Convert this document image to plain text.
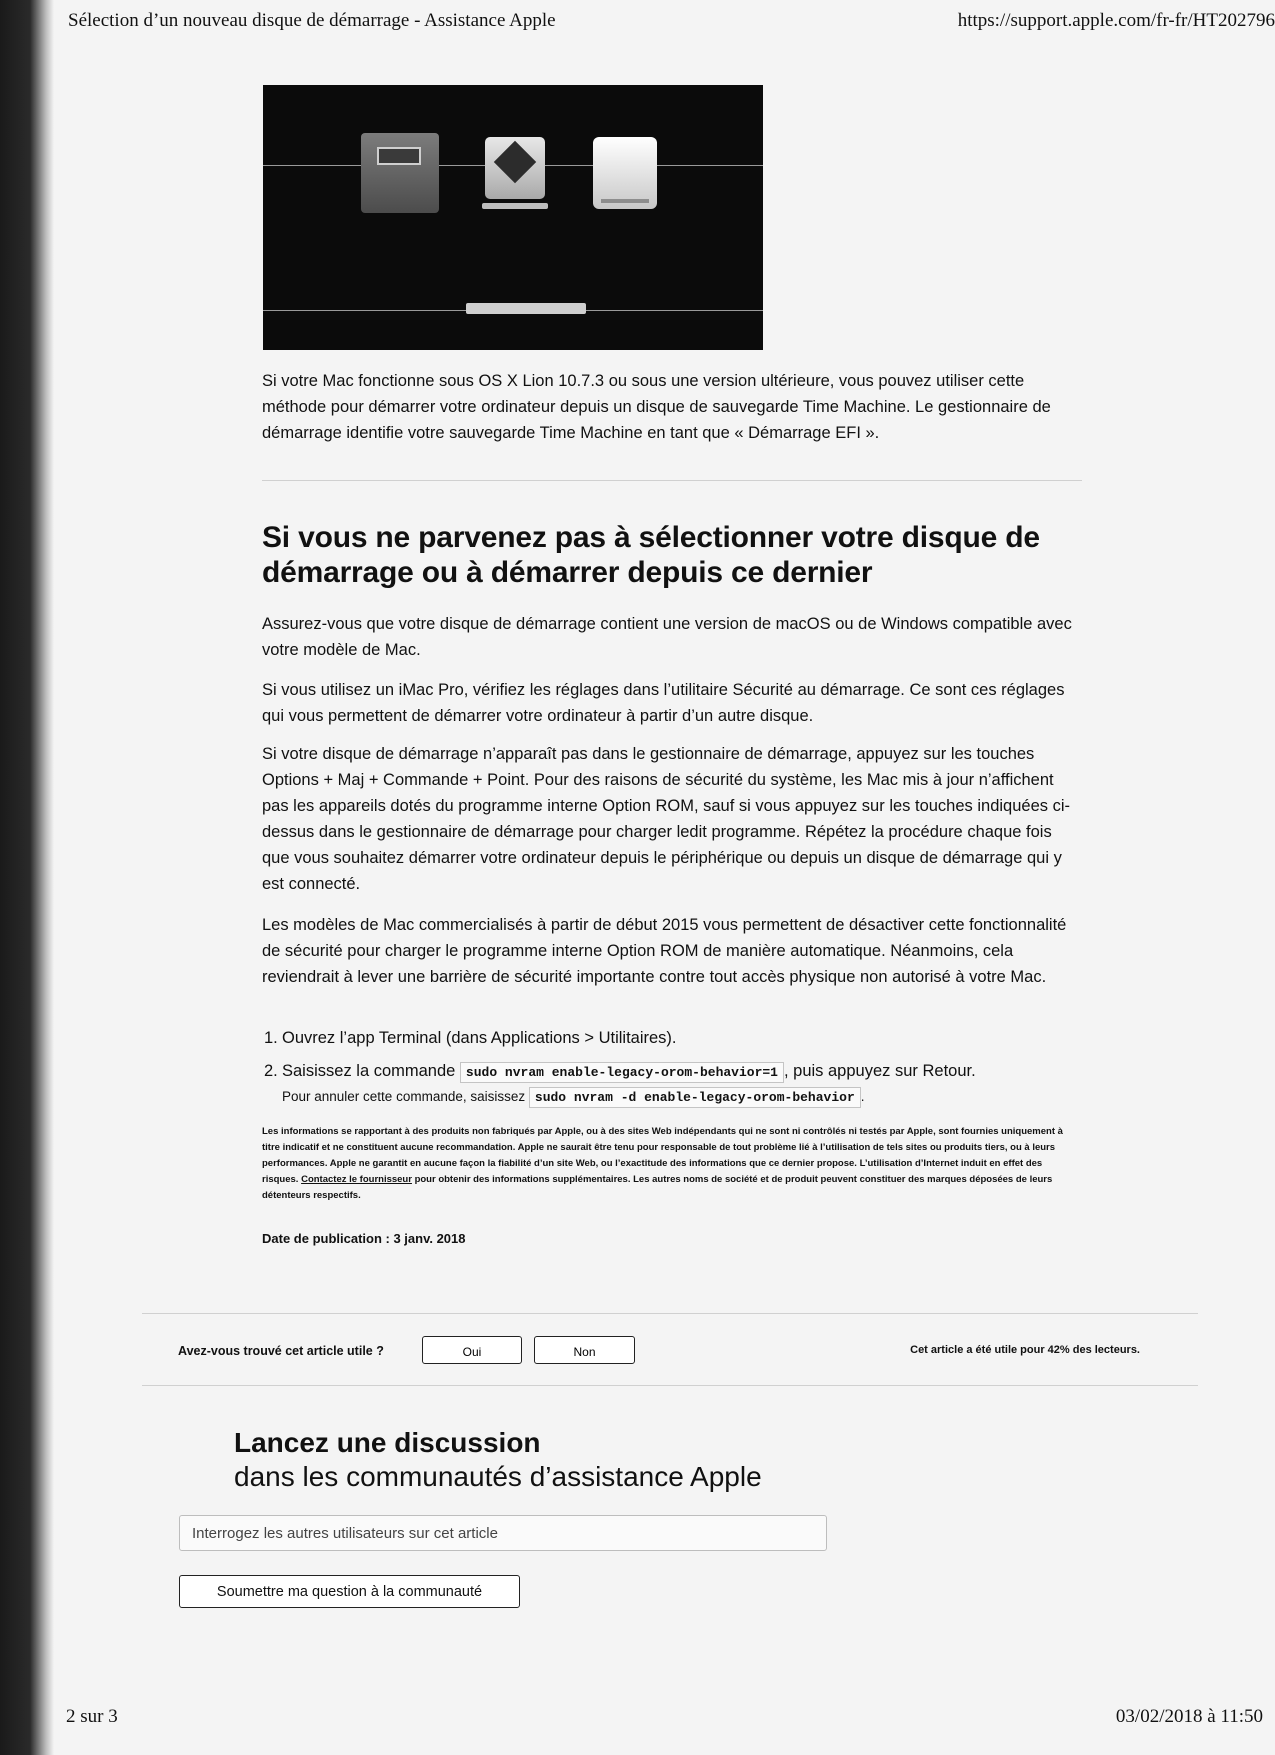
Sélection d’un nouveau disque de démarrage - Assistance Apple	https://support.apple.com/fr-fr/HT202796

Si votre Mac fonctionne sous OS X Lion 10.7.3 ou sous une version ultérieure, vous pouvez utiliser cette méthode pour démarrer votre ordinateur depuis un disque de sauvegarde Time Machine. Le gestionnaire de démarrage identifie votre sauvegarde Time Machine en tant que « Démarrage EFI ».

Si vous ne parvenez pas à sélectionner votre disque de démarrage ou à démarrer depuis ce dernier

Assurez-vous que votre disque de démarrage contient une version de macOS ou de Windows compatible avec votre modèle de Mac.

Si vous utilisez un iMac Pro, vérifiez les réglages dans l’utilitaire Sécurité au démarrage. Ce sont ces réglages qui vous permettent de démarrer votre ordinateur à partir d’un autre disque.

Si votre disque de démarrage n’apparaît pas dans le gestionnaire de démarrage, appuyez sur les touches Options + Maj + Commande + Point. Pour des raisons de sécurité du système, les Mac mis à jour n’affichent pas les appareils dotés du programme interne Option ROM, sauf si vous appuyez sur les touches indiquées ci-dessus dans le gestionnaire de démarrage pour charger ledit programme. Répétez la procédure chaque fois que vous souhaitez démarrer votre ordinateur depuis le périphérique ou depuis un disque de démarrage qui y est connecté.

Les modèles de Mac commercialisés à partir de début 2015 vous permettent de désactiver cette fonctionnalité de sécurité pour charger le programme interne Option ROM de manière automatique. Néanmoins, cela reviendrait à lever une barrière de sécurité importante contre tout accès physique non autorisé à votre Mac.

1. Ouvrez l’app Terminal (dans Applications > Utilitaires).
2. Saisissez la commande sudo nvram enable-legacy-orom-behavior=1 , puis appuyez sur Retour.
Pour annuler cette commande, saisissez sudo nvram -d enable-legacy-orom-behavior .

Les informations se rapportant à des produits non fabriqués par Apple, ou à des sites Web indépendants qui ne sont ni contrôlés ni testés par Apple, sont fournies uniquement à titre indicatif et ne constituent aucune recommandation. Apple ne saurait être tenu pour responsable de tout problème lié à l’utilisation de tels sites ou produits tiers, ou à leurs performances. Apple ne garantit en aucune façon la fiabilité d’un site Web, ou l’exactitude des informations que ce dernier propose. L’utilisation d’Internet induit en effet des risques. Contactez le fournisseur pour obtenir des informations supplémentaires. Les autres noms de société et de produit peuvent constituer des marques déposées de leurs détenteurs respectifs.

Date de publication : 3 janv. 2018
Avez-vous trouvé cet article utile ?	Oui	Non	Cet article a été utile pour 42% des lecteurs.
Lancez une discussion
dans les communautés d’assistance Apple
Interrogez les autres utilisateurs sur cet article
Soumettre ma question à la communauté
2 sur 3	03/02/2018 à 11:50
